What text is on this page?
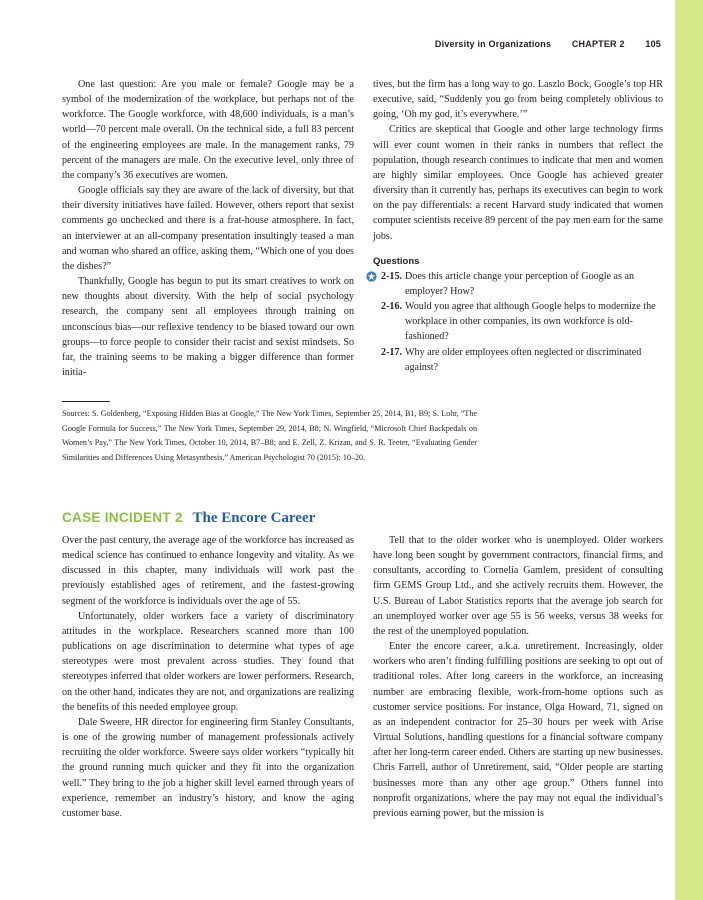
Diversity in Organizations CHAPTER 2 105

One last question: Are you male or female? Google may be a symbol of the modernization of the workplace, but perhaps not of the workforce. The Google workforce, with 48,600 individuals, is a man’s world—70 percent male overall. On the technical side, a full 83 percent of the engineering employees are male. In the management ranks, 79 percent of the managers are male. On the executive level, only three of the company’s 36 executives are women.

Google officials say they are aware of the lack of diversity, but that their diversity initiatives have failed. However, others report that sexist comments go unchecked and there is a frat-house atmosphere. In fact, an interviewer at an all-company presentation insultingly teased a man and woman who shared an office, asking them, “Which one of you does the dishes?”

Thankfully, Google has begun to put its smart creatives to work on new thoughts about diversity. With the help of social psychology research, the company sent all employees through training on unconscious bias—our reflexive tendency to be biased toward our own groups—to force people to consider their racist and sexist mindsets. So far, the training seems to be making a bigger difference than former initia-

tives, but the firm has a long way to go. Laszlo Bock, Google’s top HR executive, said, “Suddenly you go from being completely oblivious to going, ‘Oh my god, it’s everywhere.’”

Critics are skeptical that Google and other large technology firms will ever count women in their ranks in numbers that reflect the population, though research continues to indicate that men and women are highly similar employees. Once Google has achieved greater diversity than it currently has, perhaps its executives can begin to work on the pay differentials: a recent Harvard study indicated that women computer scientists receive 89 percent of the pay men earn for the same jobs.

Questions
2-15. Does this article change your perception of Google as an employer? How?
2-16. Would you agree that although Google helps to modernize the workplace in other companies, its own workforce is old-fashioned?
2-17. Why are older employees often neglected or discriminated against?

Sources: S. Goldenberg, “Exposing Hidden Bias at Google,” The New York Times, September 25, 2014, B1, B9; S. Lohr, “The Google Formula for Success,” The New York Times, September 29, 2014, B8; N. Wingfield, “Microsoft Chief Backpedals on Women’s Pay,” The New York Times, October 10, 2014, B7–B8; and E. Zell, Z. Krizan, and S. R. Teeter, “Evaluating Gender Similarities and Differences Using Metasynthesis,” American Psychologist 70 (2015): 10–20.

CASE INCIDENT 2 The Encore Career

Over the past century, the average age of the workforce has increased as medical science has continued to enhance longevity and vitality. As we discussed in this chapter, many individuals will work past the previously established ages of retirement, and the fastest-growing segment of the workforce is individuals over the age of 55.

Unfortunately, older workers face a variety of discriminatory attitudes in the workplace. Researchers scanned more than 100 publications on age discrimination to determine what types of age stereotypes were most prevalent across studies. They found that stereotypes inferred that older workers are lower performers. Research, on the other hand, indicates they are not, and organizations are realizing the benefits of this needed employee group.

Dale Sweere, HR director for engineering firm Stanley Consultants, is one of the growing number of management professionals actively recruiting the older workforce. Sweere says older workers “typically hit the ground running much quicker and they fit into the organization well.” They bring to the job a higher skill level earned through years of experience, remember an industry’s history, and know the aging customer base.

Tell that to the older worker who is unemployed. Older workers have long been sought by government contractors, financial firms, and consultants, according to Cornelia Gamlem, president of consulting firm GEMS Group Ltd., and she actively recruits them. However, the U.S. Bureau of Labor Statistics reports that the average job search for an unemployed worker over age 55 is 56 weeks, versus 38 weeks for the rest of the unemployed population.

Enter the encore career, a.k.a. unretirement. Increasingly, older workers who aren’t finding fulfilling positions are seeking to opt out of traditional roles. After long careers in the workforce, an increasing number are embracing flexible, work-from-home options such as customer service positions. For instance, Olga Howard, 71, signed on as an independent contractor for 25–30 hours per week with Arise Virtual Solutions, handling questions for a financial software company after her long-term career ended. Others are starting up new businesses. Chris Farrell, author of Unretirement, said, “Older people are starting businesses more than any other age group.” Others funnel into nonprofit organizations, where the pay may not equal the individual’s previous earning power, but the mission is
